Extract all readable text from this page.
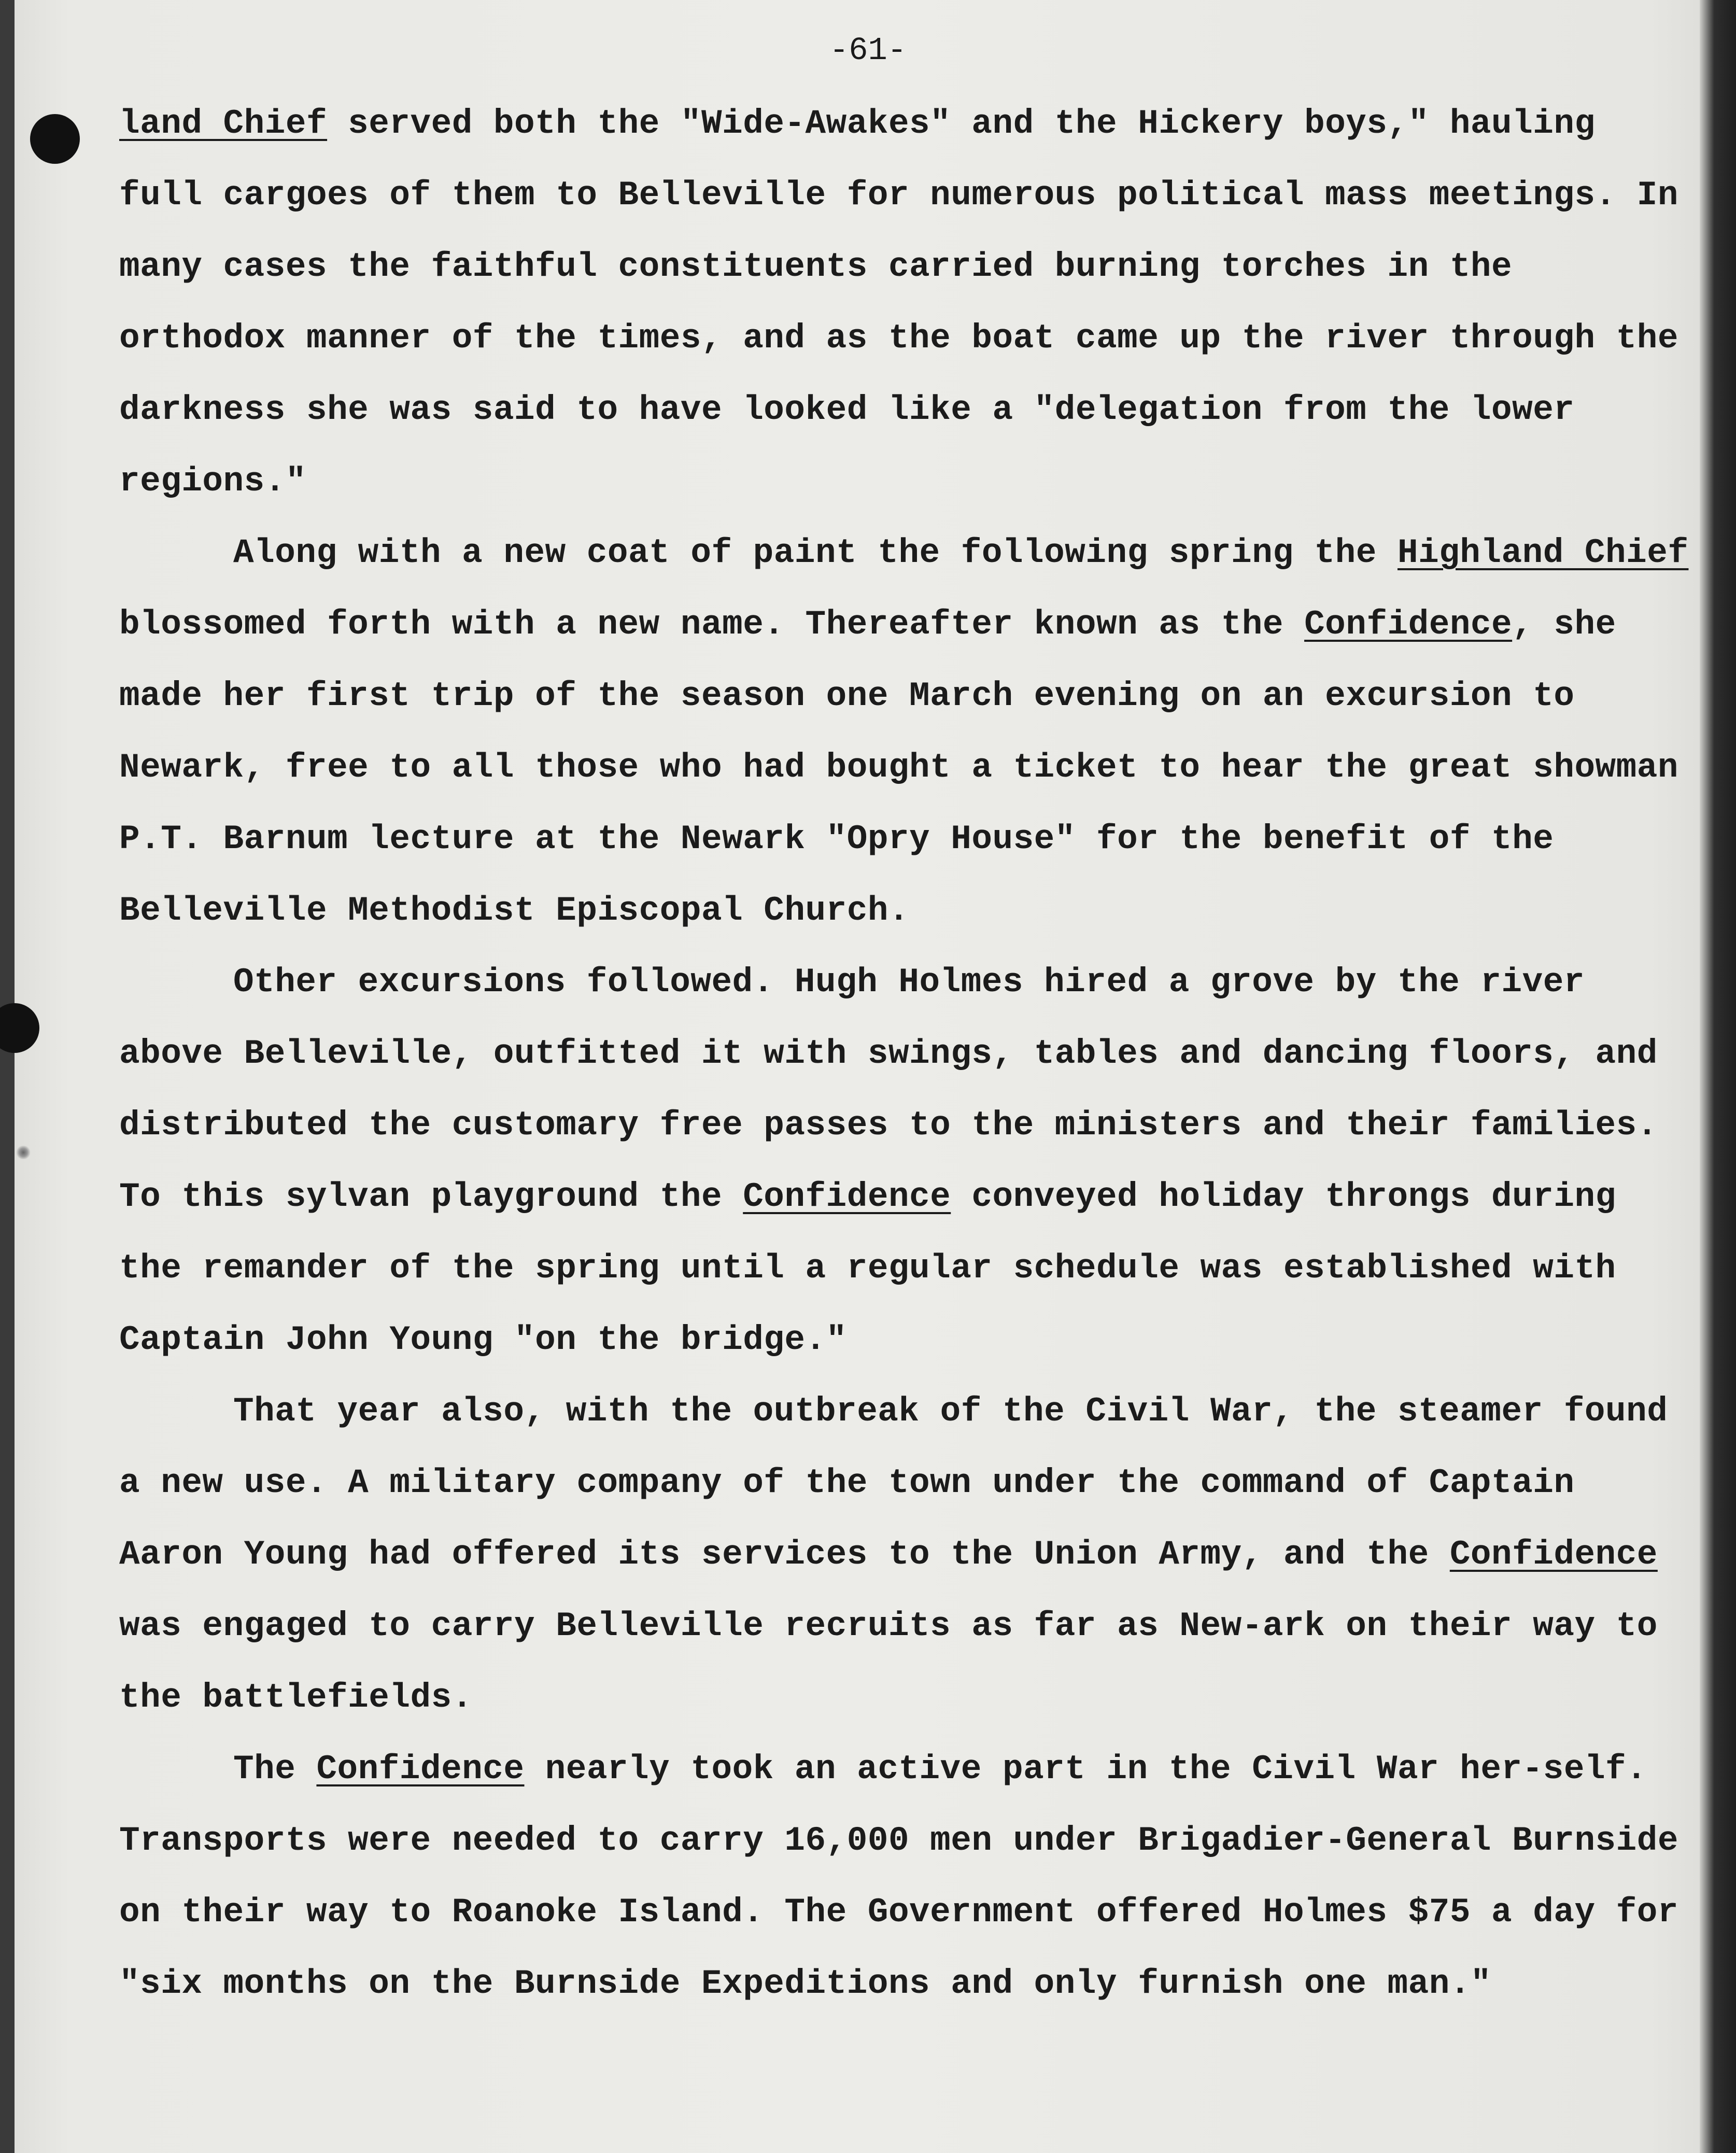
-61-

land Chief served both the "Wide-Awakes" and the Hickery boys," hauling full cargoes of them to Belleville for numerous political mass meetings. In many cases the faithful constituents carried burning torches in the orthodox manner of the times, and as the boat came up the river through the darkness she was said to have looked like a "delegation from the lower regions."

Along with a new coat of paint the following spring the Highland Chief blossomed forth with a new name. Thereafter known as the Confidence, she made her first trip of the season one March evening on an excursion to Newark, free to all those who had bought a ticket to hear the great showman P.T. Barnum lecture at the Newark "Opry House" for the benefit of the Belleville Methodist Episcopal Church.

Other excursions followed. Hugh Holmes hired a grove by the river above Belleville, outfitted it with swings, tables and dancing floors, and distributed the customary free passes to the ministers and their families. To this sylvan playground the Confidence conveyed holiday throngs during the remander of the spring until a regular schedule was established with Captain John Young "on the bridge."

That year also, with the outbreak of the Civil War, the steamer found a new use. A military company of the town under the command of Captain Aaron Young had offered its services to the Union Army, and the Confidence was engaged to carry Belleville recruits as far as New-ark on their way to the battlefields.

The Confidence nearly took an active part in the Civil War her-self. Transports were needed to carry 16,000 men under Brigadier-General Burnside on their way to Roanoke Island. The Government offered Holmes $75 a day for "six months on the Burnside Expeditions and only furnish one man."
